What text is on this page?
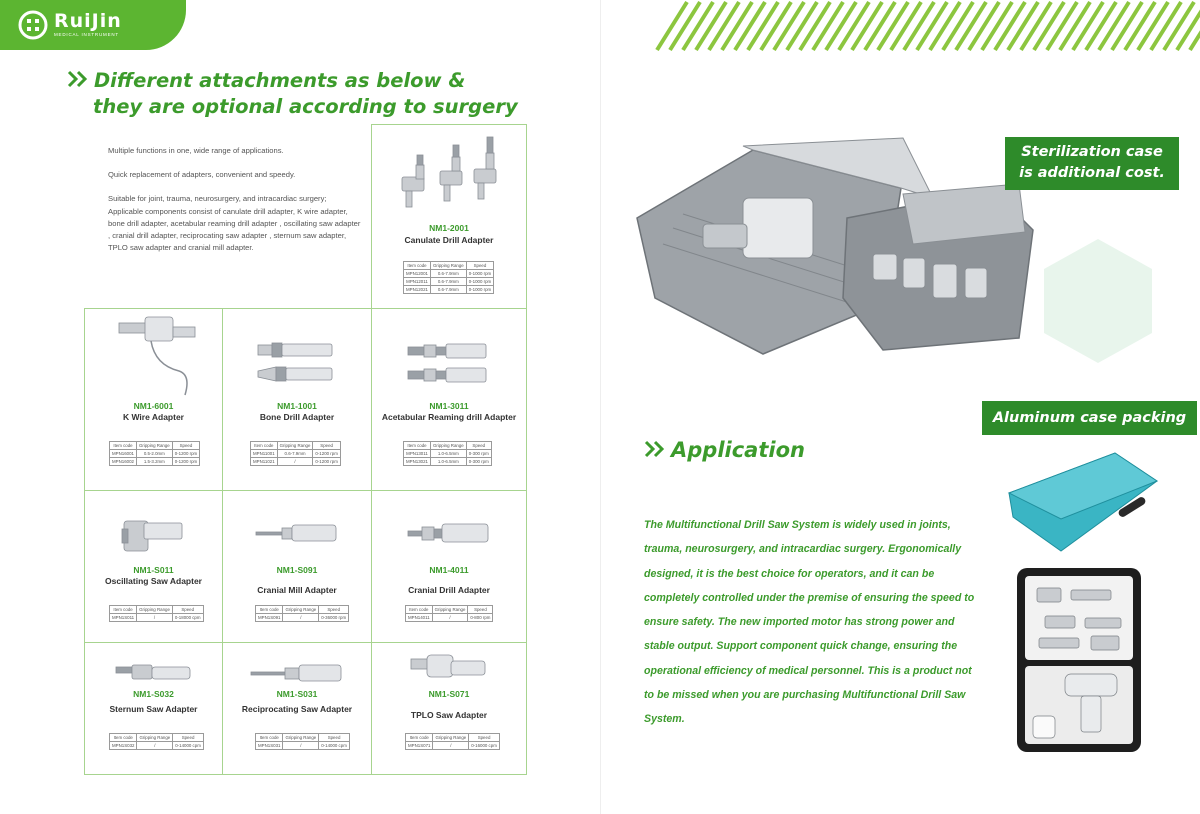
RuiJin
MEDICAL INSTRUMENT
Different attachments as below &
they are optional according to surgery

Multiple functions in one, wide range of applications.

Quick replacement of adapters, convenient and speedy.

Suitable for joint, trauma, neurosurgery, and intracardiac surgery; Applicable components consist of canulate drill adapter, K wire adapter, bone drill adapter, acetabular reaming drill adapter , oscillating saw adapter , cranial drill adapter, reciprocating saw adapter , sternum saw adapter, TPLO saw adapter and cranial mill adapter.

NM1-2001
Canulate Drill Adapter
Item code	Gripping Range	Speed
MPN12001	0.6-7.9mm	0-1000 rpm
MPN12011	0.6-7.9mm	0-1000 rpm
MPN12021	0.6-7.9mm	0-1000 rpm
NM1-6001
K Wire Adapter
Item code	Gripping Range	Speed
MPN16001	0.5-2.0mm	0-1200 rpm
MPN16002	1.5-3.2mm	0-1200 rpm
NM1-1001
Bone Drill Adapter
Item code	Gripping Range	Speed
MPN11001	0.6-7.9mm	0-1200 rpm
MPN11021	/	0-1200 rpm
NM1-3011
Acetabular Reaming drill Adapter
Item code	Gripping Range	Speed
MPN13011	1.0-6.5mm	0-300 rpm
MPN13021	1.0-6.5mm	0-300 rpm
NM1-S011
Oscillating Saw Adapter
Item code	Gripping Range	Speed
MPN1S011	/	0-18000 cpm
NM1-S091
Cranial Mill Adapter
Item code	Gripping Range	Speed
MPN1S091	/	0-36000 rpm
NM1-4011
Cranial Drill Adapter
Item code	Gripping Range	Speed
MPN14011	/	0-800 rpm
NM1-S032
Sternum Saw Adapter
Item code	Gripping Range	Speed
MPN1S032	/	0-14000 cpm
NM1-S031
Reciprocating Saw Adapter
Item code	Gripping Range	Speed
MPN1S031	/	0-14000 cpm
NM1-S071
TPLO Saw Adapter
Item code	Gripping Range	Speed
MPN1S071	/	0-16000 cpm
Sterilization case
is additional cost.
Aluminum case packing
Application
The Multifunctional Drill Saw System is widely used in joints, trauma, neurosurgery, and intracardiac surgery. Ergonomically designed, it is the best choice for operators, and it can be completely controlled under the premise of ensuring the speed to ensure safety. The new imported motor has strong power and stable output. Support component quick change, ensuring the operational efficiency of medical personnel. This is a product not to be missed when you are purchasing Multifunctional Drill Saw System.
